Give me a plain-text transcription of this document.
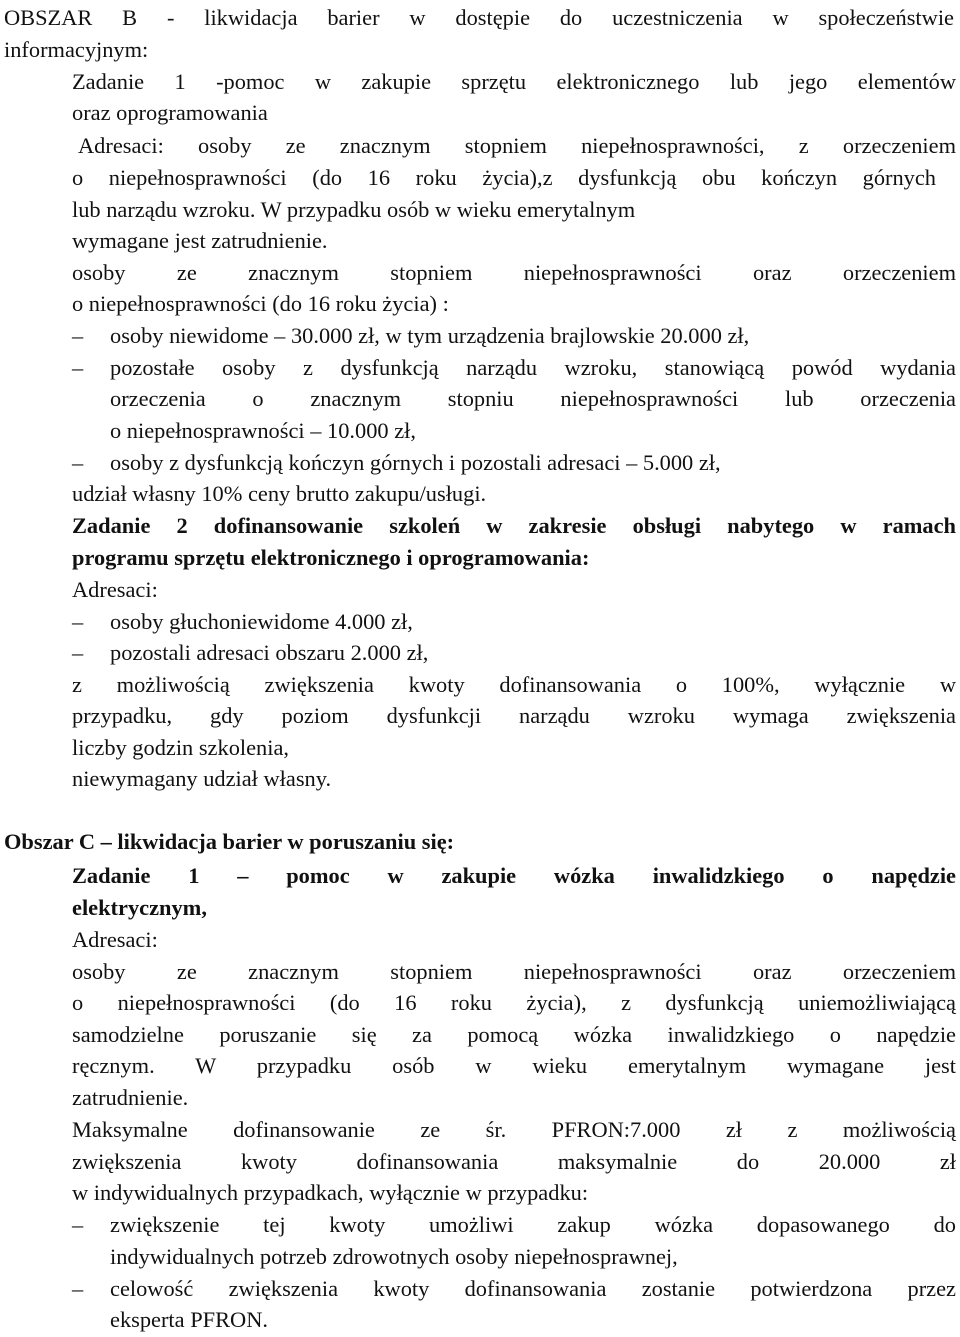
OBSZAR B - likwidacja barier w dostępie do uczestniczenia w społeczeństwie
informacyjnym:
Zadanie 1 -pomoc w zakupie sprzętu elektronicznego lub jego elementów
oraz oprogramowania
Adresaci: osoby ze znacznym stopniem niepełnosprawności, z orzeczeniem
o niepełnosprawności (do 16 roku życia),z dysfunkcją obu kończyn górnych
lub narządu wzroku. W przypadku osób w wieku emerytalnym
wymagane jest zatrudnienie.
osoby ze znacznym stopniem niepełnosprawności oraz orzeczeniem
o niepełnosprawności (do 16 roku życia) :
– osoby niewidome – 30.000 zł, w tym urządzenia brajlowskie 20.000 zł,
– pozostałe osoby z dysfunkcją narządu wzroku, stanowiącą powód wydania
orzeczenia o znacznym stopniu niepełnosprawności lub orzeczenia
o niepełnosprawności – 10.000 zł,
– osoby z dysfunkcją kończyn górnych i pozostali adresaci – 5.000 zł,
udział własny 10% ceny brutto zakupu/usługi.
Zadanie 2 dofinansowanie szkoleń w zakresie obsługi nabytego w ramach
programu sprzętu elektronicznego i oprogramowania:
Adresaci:
– osoby głuchoniewidome 4.000 zł,
– pozostali adresaci obszaru 2.000 zł,
z możliwością zwiększenia kwoty dofinansowania o 100%, wyłącznie w
przypadku, gdy poziom dysfunkcji narządu wzroku wymaga zwiększenia
liczby godzin szkolenia,
niewymagany udział własny.
Obszar C – likwidacja barier w poruszaniu się:
Zadanie 1 – pomoc w zakupie wózka inwalidzkiego o napędzie
elektrycznym,
Adresaci:
osoby ze znacznym stopniem niepełnosprawności oraz orzeczeniem
o niepełnosprawności (do 16 roku życia), z dysfunkcją uniemożliwiającą
samodzielne poruszanie się za pomocą wózka inwalidzkiego o napędzie
ręcznym. W przypadku osób w wieku emerytalnym wymagane jest
zatrudnienie.
Maksymalne dofinansowanie ze śr. PFRON:7.000 zł z możliwością
zwiększenia kwoty dofinansowania maksymalnie do 20.000 zł
w indywidualnych przypadkach, wyłącznie w przypadku:
– zwiększenie tej kwoty umożliwi zakup wózka dopasowanego do
indywidualnych potrzeb zdrowotnych osoby niepełnosprawnej,
– celowość zwiększenia kwoty dofinansowania zostanie potwierdzona przez
eksperta PFRON.
